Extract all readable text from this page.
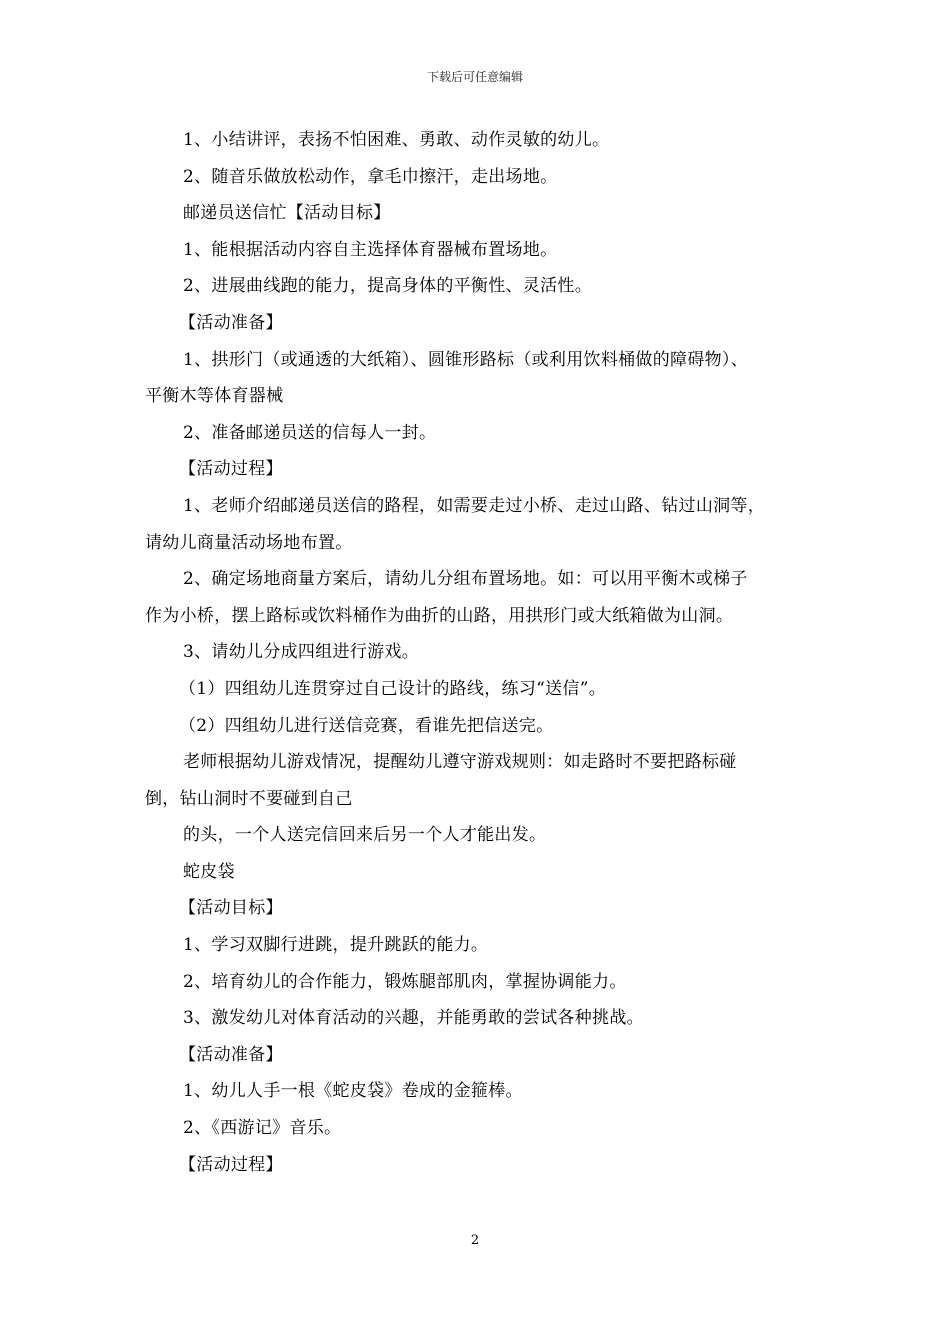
下载后可任意编辑
1、小结讲评，表扬不怕困难、勇敢、动作灵敏的幼儿。
2、随音乐做放松动作，拿毛巾擦汗，走出场地。
邮递员送信忙【活动目标】
1、能根据活动内容自主选择体育器械布置场地。
2、进展曲线跑的能力，提高身体的平衡性、灵活性。
【活动准备】
1、拱形门（或通透的大纸箱）、圆锥形路标（或利用饮料桶做的障碍物）、
平衡木等体育器械
2、准备邮递员送的信每人一封。
【活动过程】
1、老师介绍邮递员送信的路程，如需要走过小桥、走过山路、钻过山洞等，
请幼儿商量活动场地布置。
2、确定场地商量方案后，请幼儿分组布置场地。如：可以用平衡木或梯子
作为小桥，摆上路标或饮料桶作为曲折的山路，用拱形门或大纸箱做为山洞。
3、请幼儿分成四组进行游戏。
（1）四组幼儿连贯穿过自己设计的路线，练习“送信”。
（2）四组幼儿进行送信竞赛，看谁先把信送完。
老师根据幼儿游戏情况，提醒幼儿遵守游戏规则：如走路时不要把路标碰
倒，钻山洞时不要碰到自己
的头，一个人送完信回来后另一个人才能出发。
蛇皮袋
【活动目标】
1、学习双脚行进跳，提升跳跃的能力。
2、培育幼儿的合作能力，锻炼腿部肌肉，掌握协调能力。
3、激发幼儿对体育活动的兴趣，并能勇敢的尝试各种挑战。
【活动准备】
1、幼儿人手一根《蛇皮袋》卷成的金箍棒。
2、《西游记》音乐。
【活动过程】
2
